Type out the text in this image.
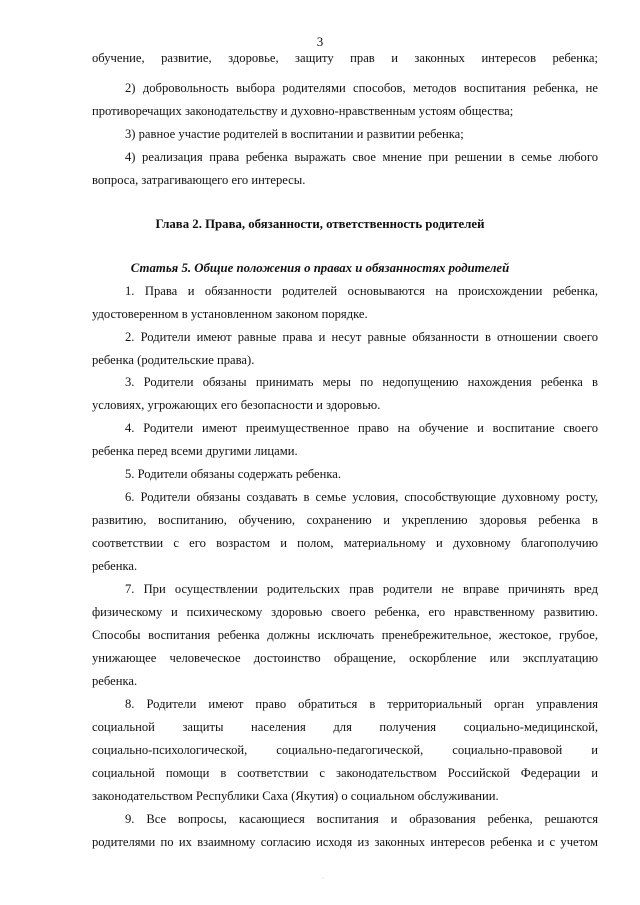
3
обучение, развитие, здоровье, защиту прав и законных интересов ребенка;
2) добровольность выбора родителями способов, методов воспитания ребенка, не
противоречащих законодательству и духовно-нравственным устоям общества;
3) равное участие родителей в воспитании и развитии ребенка;
4) реализация права ребенка выражать свое мнение при решении в семье любого
вопроса, затрагивающего его интересы.
Глава 2. Права, обязанности, ответственность родителей
Статья 5. Общие положения о правах и обязанностях родителей
1. Права и обязанности родителей основываются на происхождении ребенка,
удостоверенном в установленном законом порядке.
2. Родители имеют равные права и несут равные обязанности в отношении своего
ребенка (родительские права).
3. Родители обязаны принимать меры по недопущению нахождения ребенка в
условиях, угрожающих его безопасности и здоровью.
4. Родители имеют преимущественное право на обучение и воспитание своего
ребенка перед всеми другими лицами.
5. Родители обязаны содержать ребенка.
6. Родители обязаны создавать в семье условия, способствующие духовному росту,
развитию, воспитанию, обучению, сохранению и укреплению здоровья ребенка в
соответствии с его возрастом и полом, материальному и духовному благополучию
ребенка.
7. При осуществлении родительских прав родители не вправе причинять вред
физическому и психическому здоровью своего ребенка, его нравственному развитию.
Способы воспитания ребенка должны исключать пренебрежительное, жестокое, грубое,
унижающее человеческое достоинство обращение, оскорбление или эксплуатацию
ребенка.
8. Родители имеют право обратиться в территориальный орган управления
социальной защиты населения для получения социально-медицинской,
социально-психологической, социально-педагогической, социально-правовой и
социальной помощи в соответствии с законодательством Российской Федерации и
законодательством Республики Саха (Якутия) о социальном обслуживании.
9. Все вопросы, касающиеся воспитания и образования ребенка, решаются
родителями по их взаимному согласию исходя из законных интересов ребенка и с учетом
·
